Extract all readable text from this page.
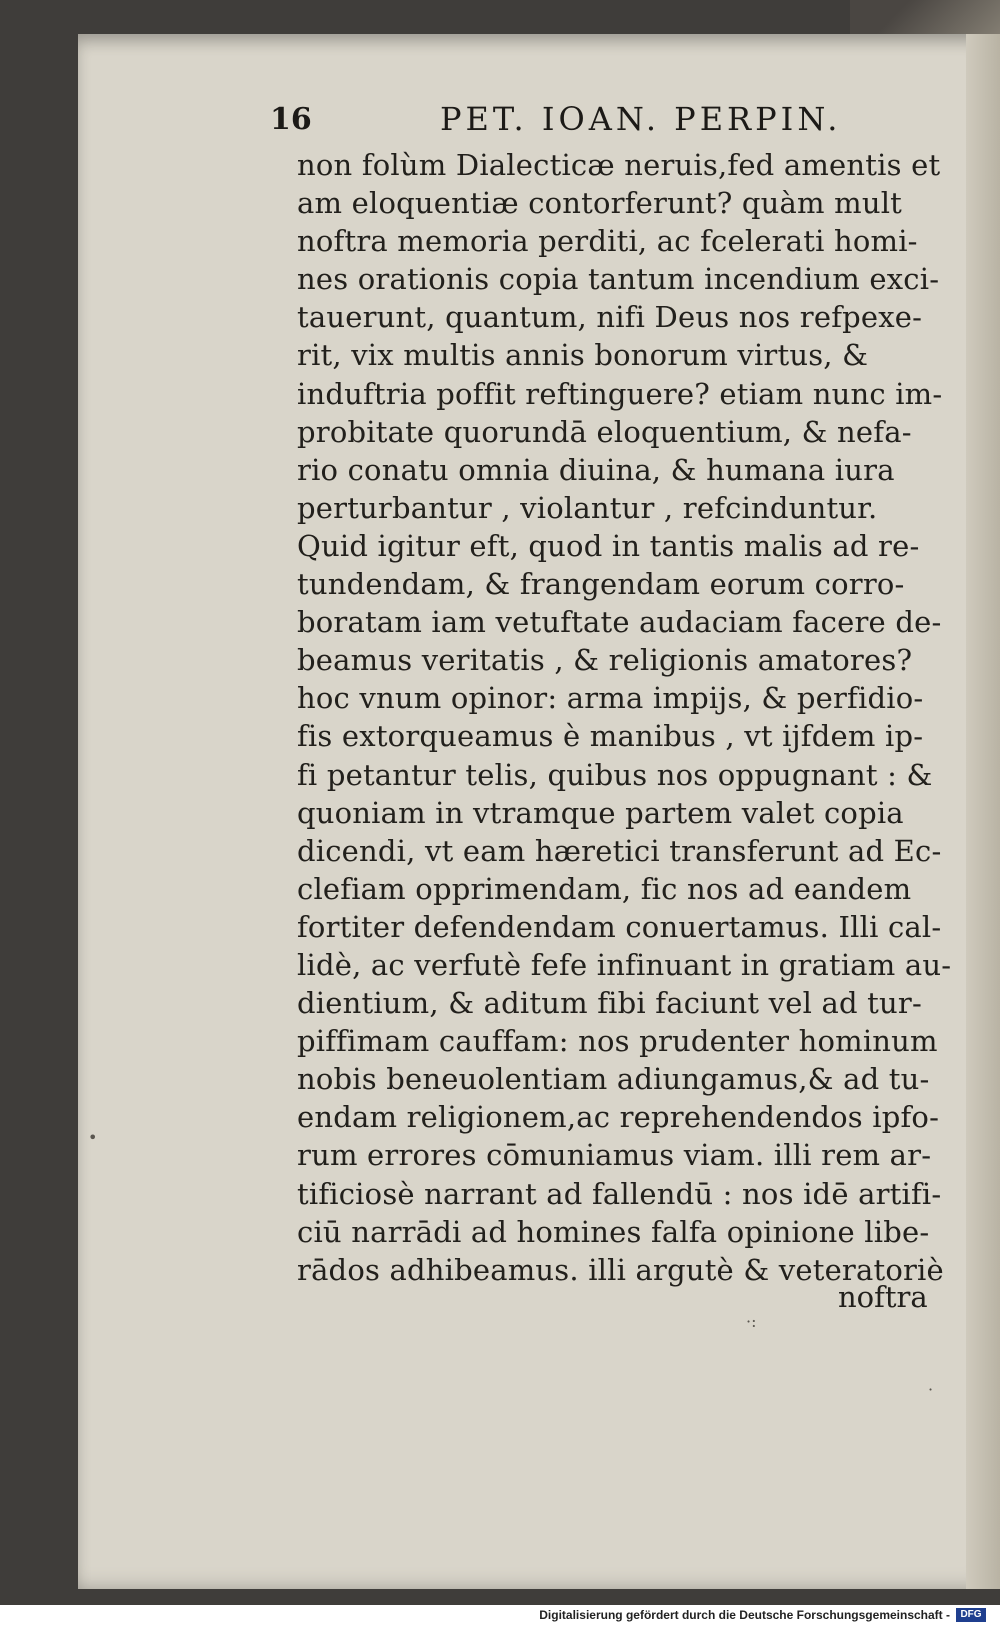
16	PET. IOAN. PERPIN.
non folùm Dialecticæ neruis,fed amentis et
am eloquentiæ contorferunt? quàm mult
noftra memoria perditi, ac fcelerati homi-
nes orationis copia tantum incendium exci-
tauerunt, quantum, nifi Deus nos refpexe-
rit, vix multis annis bonorum virtus, &
induftria poffit reftinguere? etiam nunc im-
probitate quorundā eloquentium, & nefa-
rio conatu omnia diuina, & humana iura
perturbantur , violantur , refcinduntur.
Quid igitur eft, quod in tantis malis ad re-
tundendam, & frangendam eorum corro-
boratam iam vetuftate audaciam facere de-
beamus veritatis , & religionis amatores?
hoc vnum opinor: arma impijs, & perfidio-
fis extorqueamus è manibus , vt ijfdem ip-
fi petantur telis, quibus nos oppugnant : &
quoniam in vtramque partem valet copia
dicendi, vt eam hæretici transferunt ad Ec-
clefiam opprimendam, fic nos ad eandem
fortiter defendendam conuertamus. Illi cal-
lidè, ac verfutè fefe infinuant in gratiam au-
dientium, & aditum fibi faciunt vel ad tur-
piffimam cauffam: nos prudenter hominum
nobis beneuolentiam adiungamus,& ad tu-
endam religionem,ac reprehendendos ipfo-
rum errores cōmuniamus viam. illi rem ar-
tificiosè narrant ad fallendū : nos idē artifi-
ciū narrādi ad homines falfa opinione libe-
rādos adhibeamus. illi argutè & veteratoriè
noftra
•
·:
·
Digitalisierung gefördert durch die Deutsche Forschungsgemeinschaft -	DFG
